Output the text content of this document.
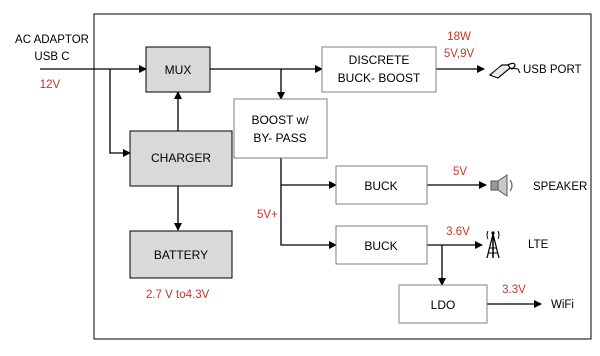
AC ADAPTOR
USB C
12V
MUX
CHARGER
BATTERY
BOOST w/
BY- PASS
DISCRETE
BUCK- BOOST
BUCK
BUCK
LDO
2.7 V to4.3V
18W
5V,9V
5V
5V+
3.6V
3.3V
USB PORT
SPEAKER
LTE
WiFi
